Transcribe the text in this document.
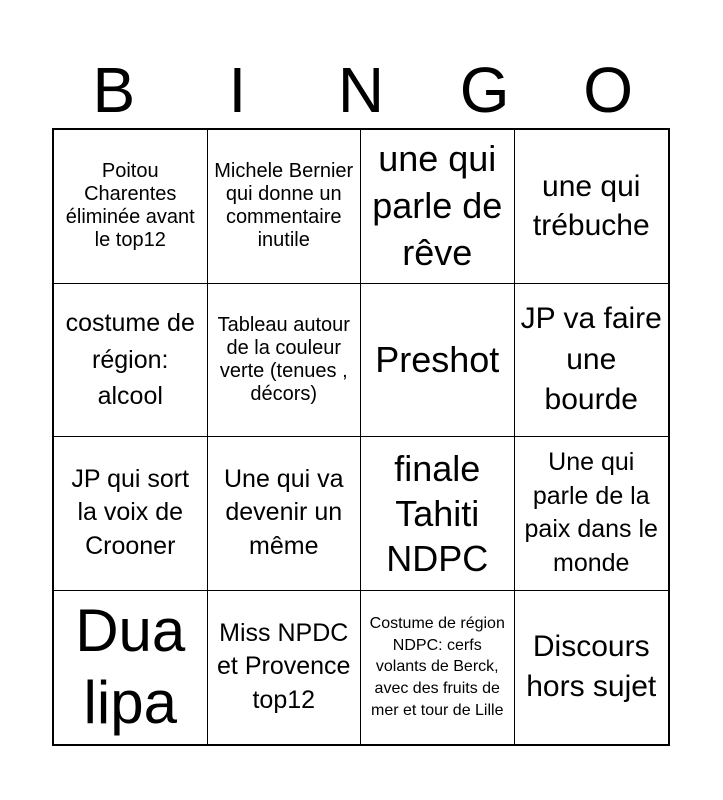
B	I	N	G	O
Poitou Charentes éliminée avant le top12
Michele Bernier qui donne un commentaire inutile
une qui parle de rêve
une qui trébuche
costume de région: alcool
Tableau autour de la couleur verte (tenues , décors)
Preshot
JP va faire une bourde
JP qui sort la voix de Crooner
Une qui va devenir un même
finale Tahiti NDPC
Une qui parle de la paix dans le monde
Dua lipa
Miss NPDC et Provence top12
Costume de région NDPC: cerfs volants de Berck, avec des fruits de mer et tour de Lille
Discours hors sujet
